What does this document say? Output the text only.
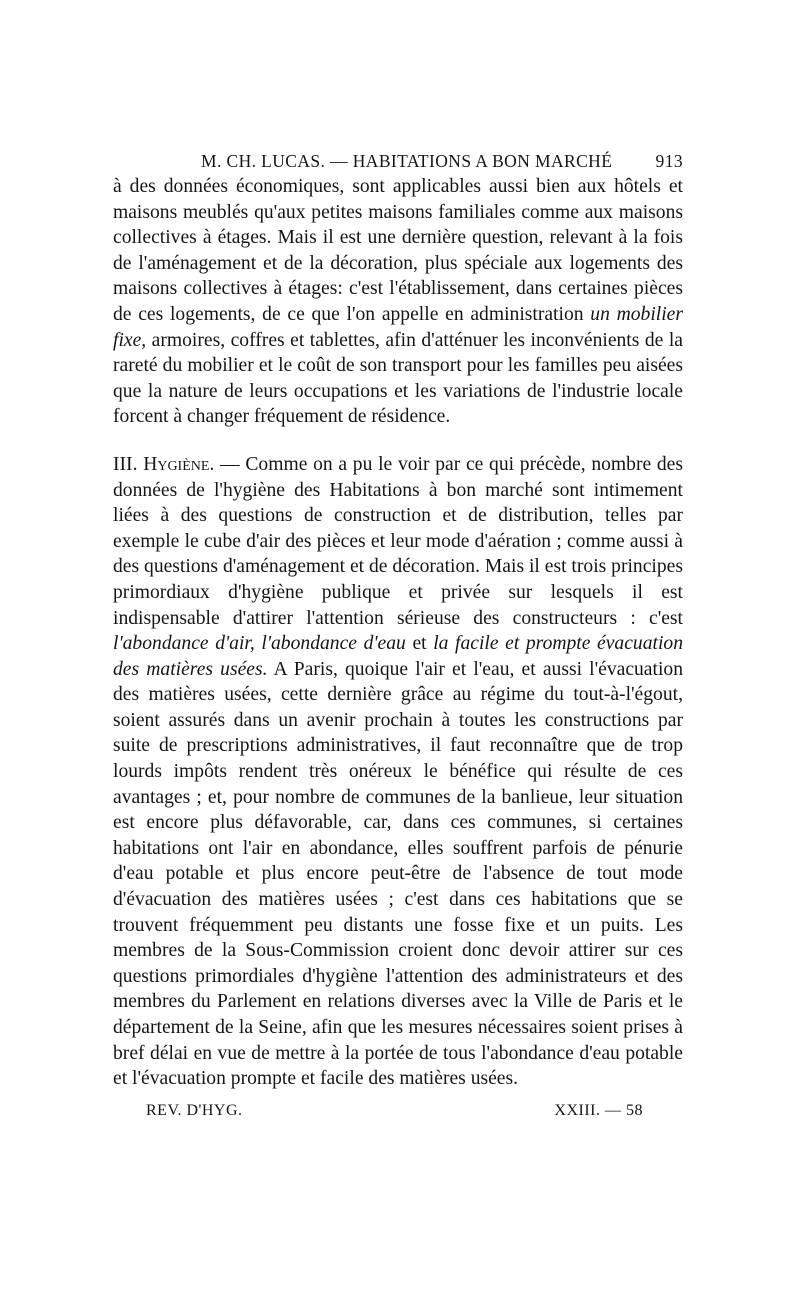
M. CH. LUCAS. — HABITATIONS A BON MARCHÉ 913

à des données économiques, sont applicables aussi bien aux hôtels et maisons meublés qu'aux petites maisons familiales comme aux maisons collectives à étages. Mais il est une dernière question, relevant à la fois de l'aménagement et de la décoration, plus spéciale aux logements des maisons collectives à étages: c'est l'établissement, dans certaines pièces de ces logements, de ce que l'on appelle en administration un mobilier fixe, armoires, coffres et tablettes, afin d'atténuer les inconvénients de la rareté du mobilier et le coût de son transport pour les familles peu aisées que la nature de leurs occupations et les variations de l'industrie locale forcent à changer fréquement de résidence.

III. Hygiène. — Comme on a pu le voir par ce qui précède, nombre des données de l'hygiène des Habitations à bon marché sont intimement liées à des questions de construction et de distribution, telles par exemple le cube d'air des pièces et leur mode d'aération ; comme aussi à des questions d'aménagement et de décoration. Mais il est trois principes primordiaux d'hygiène publique et privée sur lesquels il est indispensable d'attirer l'attention sérieuse des constructeurs : c'est l'abondance d'air, l'abondance d'eau et la facile et prompte évacuation des matières usées. A Paris, quoique l'air et l'eau, et aussi l'évacuation des matières usées, cette dernière grâce au régime du tout-à-l'égout, soient assurés dans un avenir prochain à toutes les constructions par suite de prescriptions administratives, il faut reconnaître que de trop lourds impôts rendent très onéreux le bénéfice qui résulte de ces avantages ; et, pour nombre de communes de la banlieue, leur situation est encore plus défavorable, car, dans ces communes, si certaines habitations ont l'air en abondance, elles souffrent parfois de pénurie d'eau potable et plus encore peut-être de l'absence de tout mode d'évacuation des matières usées ; c'est dans ces habitations que se trouvent fréquemment peu distants une fosse fixe et un puits. Les membres de la Sous-Commission croient donc devoir attirer sur ces questions primordiales d'hygiène l'attention des administrateurs et des membres du Parlement en relations diverses avec la Ville de Paris et le département de la Seine, afin que les mesures nécessaires soient prises à bref délai en vue de mettre à la portée de tous l'abondance d'eau potable et l'évacuation prompte et facile des matières usées.

REV. D'HYG.	XXIII. — 58
